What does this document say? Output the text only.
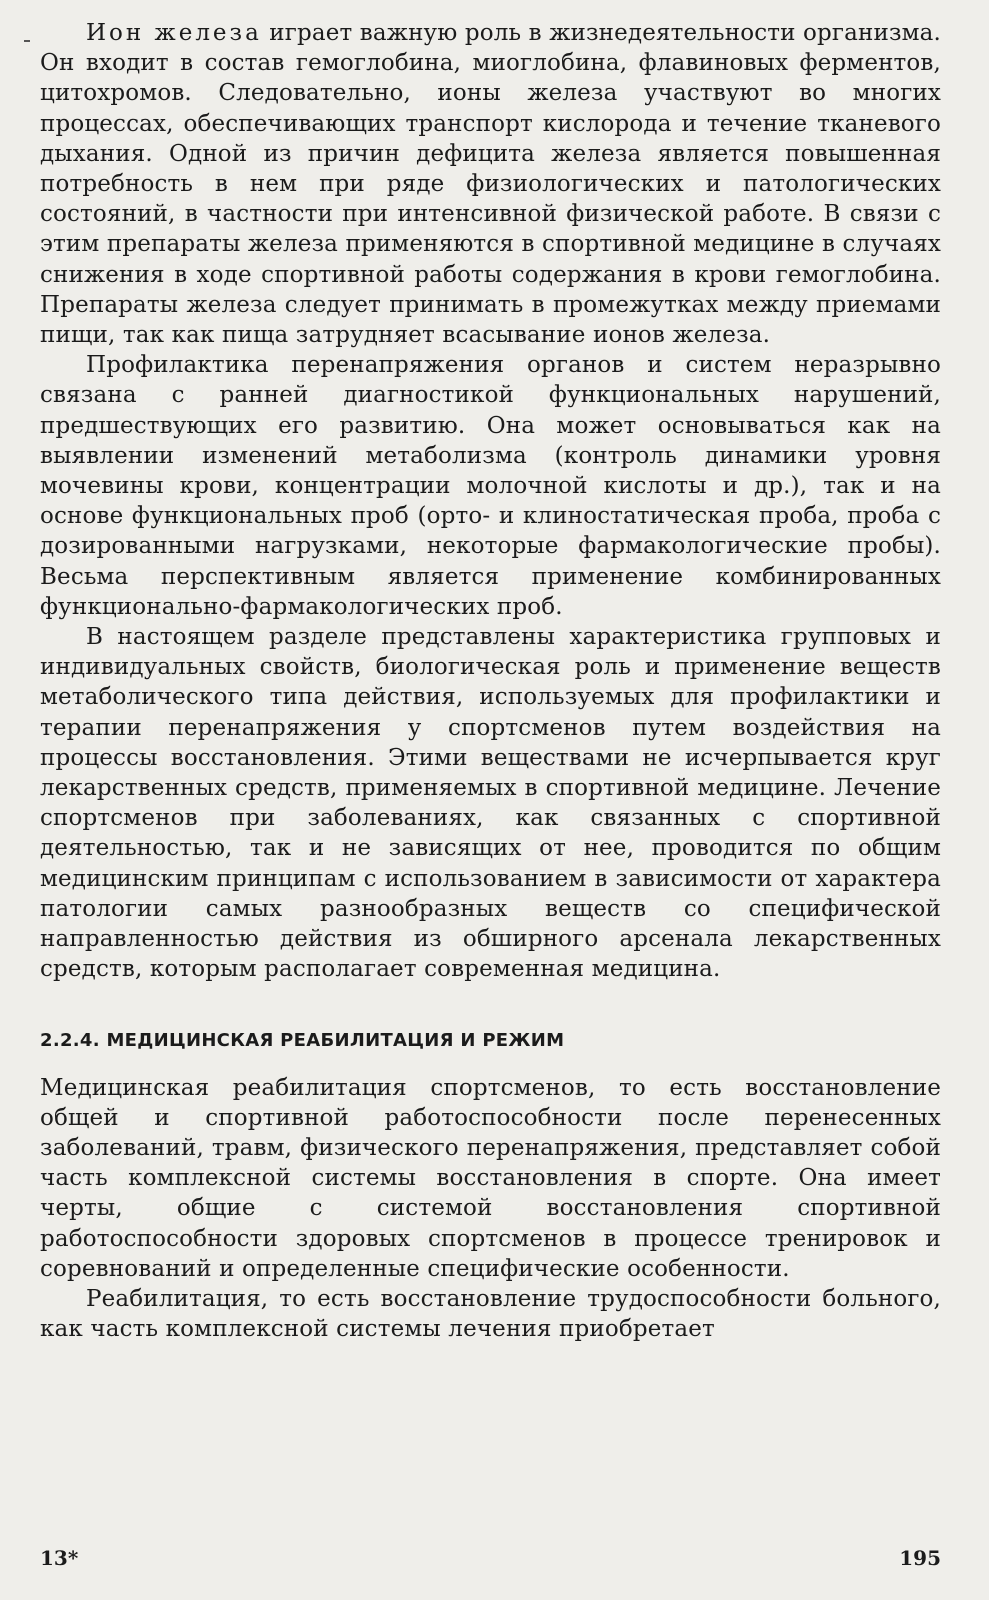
Ион железа играет важную роль в жизнедеятельности организма. Он входит в состав гемоглобина, миоглобина, флавиновых ферментов, цитохромов. Следовательно, ионы железа участвуют во многих процессах, обеспечивающих транспорт кислорода и течение тканевого дыхания. Одной из причин дефицита железа является повышенная потребность в нем при ряде физиологических и патологических состояний, в частности при интенсивной физической работе. В связи с этим препараты железа применяются в спортивной медицине в случаях снижения в ходе спортивной работы содержания в крови гемоглобина. Препараты железа следует принимать в промежутках между приемами пищи, так как пища затрудняет всасывание ионов железа.

Профилактика перенапряжения органов и систем неразрывно связана с ранней диагностикой функциональных нарушений, предшествующих его развитию. Она может основываться как на выявлении изменений метаболизма (контроль динамики уровня мочевины крови, концентрации молочной кислоты и др.), так и на основе функциональных проб (орто- и клиностатическая проба, проба с дозированными нагрузками, некоторые фармакологические пробы). Весьма перспективным является применение комбинированных функционально-фармакологических проб.

В настоящем разделе представлены характеристика групповых и индивидуальных свойств, биологическая роль и применение веществ метаболического типа действия, используемых для профилактики и терапии перенапряжения у спортсменов путем воздействия на процессы восстановления. Этими веществами не исчерпывается круг лекарственных средств, применяемых в спортивной медицине. Лечение спортсменов при заболеваниях, как связанных с спортивной деятельностью, так и не зависящих от нее, проводится по общим медицинским принципам с использованием в зависимости от характера патологии самых разнообразных веществ со специфической направленностью действия из обширного арсенала лекарственных средств, которым располагает современная медицина.

2.2.4. МЕДИЦИНСКАЯ РЕАБИЛИТАЦИЯ И РЕЖИМ

Медицинская реабилитация спортсменов, то есть восстановление общей и спортивной работоспособности после перенесенных заболеваний, травм, физического перенапряжения, представляет собой часть комплексной системы восстановления в спорте. Она имеет черты, общие с системой восстановления спортивной работоспособности здоровых спортсменов в процессе тренировок и соревнований и определенные специфические особенности.

Реабилитация, то есть восстановление трудоспособности больного, как часть комплексной системы лечения приобретает

13*	195
